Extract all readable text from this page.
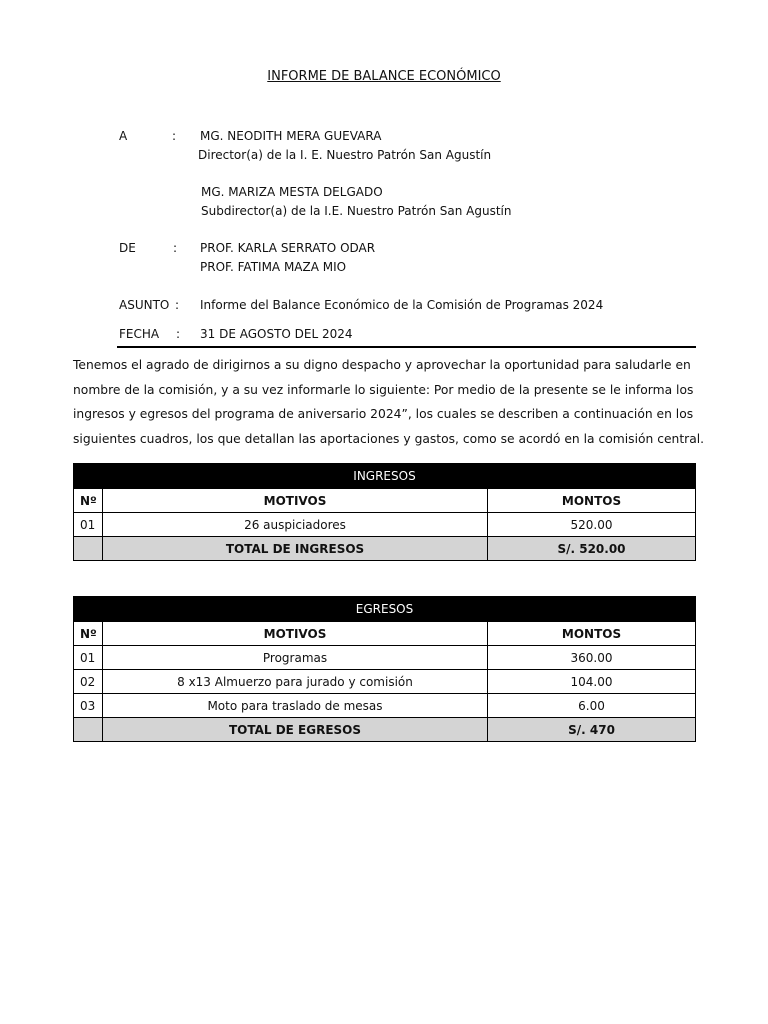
INFORME DE BALANCE ECONÓMICO
A	: MG. NEODITH MERA GUEVARA
Director(a) de la I. E. Nuestro Patrón San Agustín
MG. MARIZA MESTA DELGADO
Subdirector(a) de la I.E. Nuestro Patrón San Agustín
DE	: PROF. KARLA SERRATO ODAR
PROF. FATIMA MAZA MIO
ASUNTO : Informe del Balance Económico de la Comisión de Programas 2024
FECHA : 31 DE AGOSTO DEL 2024
Tenemos el agrado de dirigirnos a su digno despacho y aprovechar la oportunidad para saludarle en
nombre de la comisión, y a su vez informarle lo siguiente: Por medio de la presente se le informa los
ingresos y egresos del programa de aniversario 2024”, los cuales se describen a continuación en los
siguientes cuadros, los que detallan las aportaciones y gastos, como se acordó en la comisión central.
INGRESOS		
Nº	MOTIVOS	MONTOS
01	26 auspiciadores	520.00
	TOTAL DE INGRESOS	S/. 520.00
EGRESOS		
Nº	MOTIVOS	MONTOS
01	Programas	360.00
02	8 x13 Almuerzo para jurado y comisión	104.00
03	Moto para traslado de mesas	6.00
	TOTAL DE EGRESOS	S/. 470
